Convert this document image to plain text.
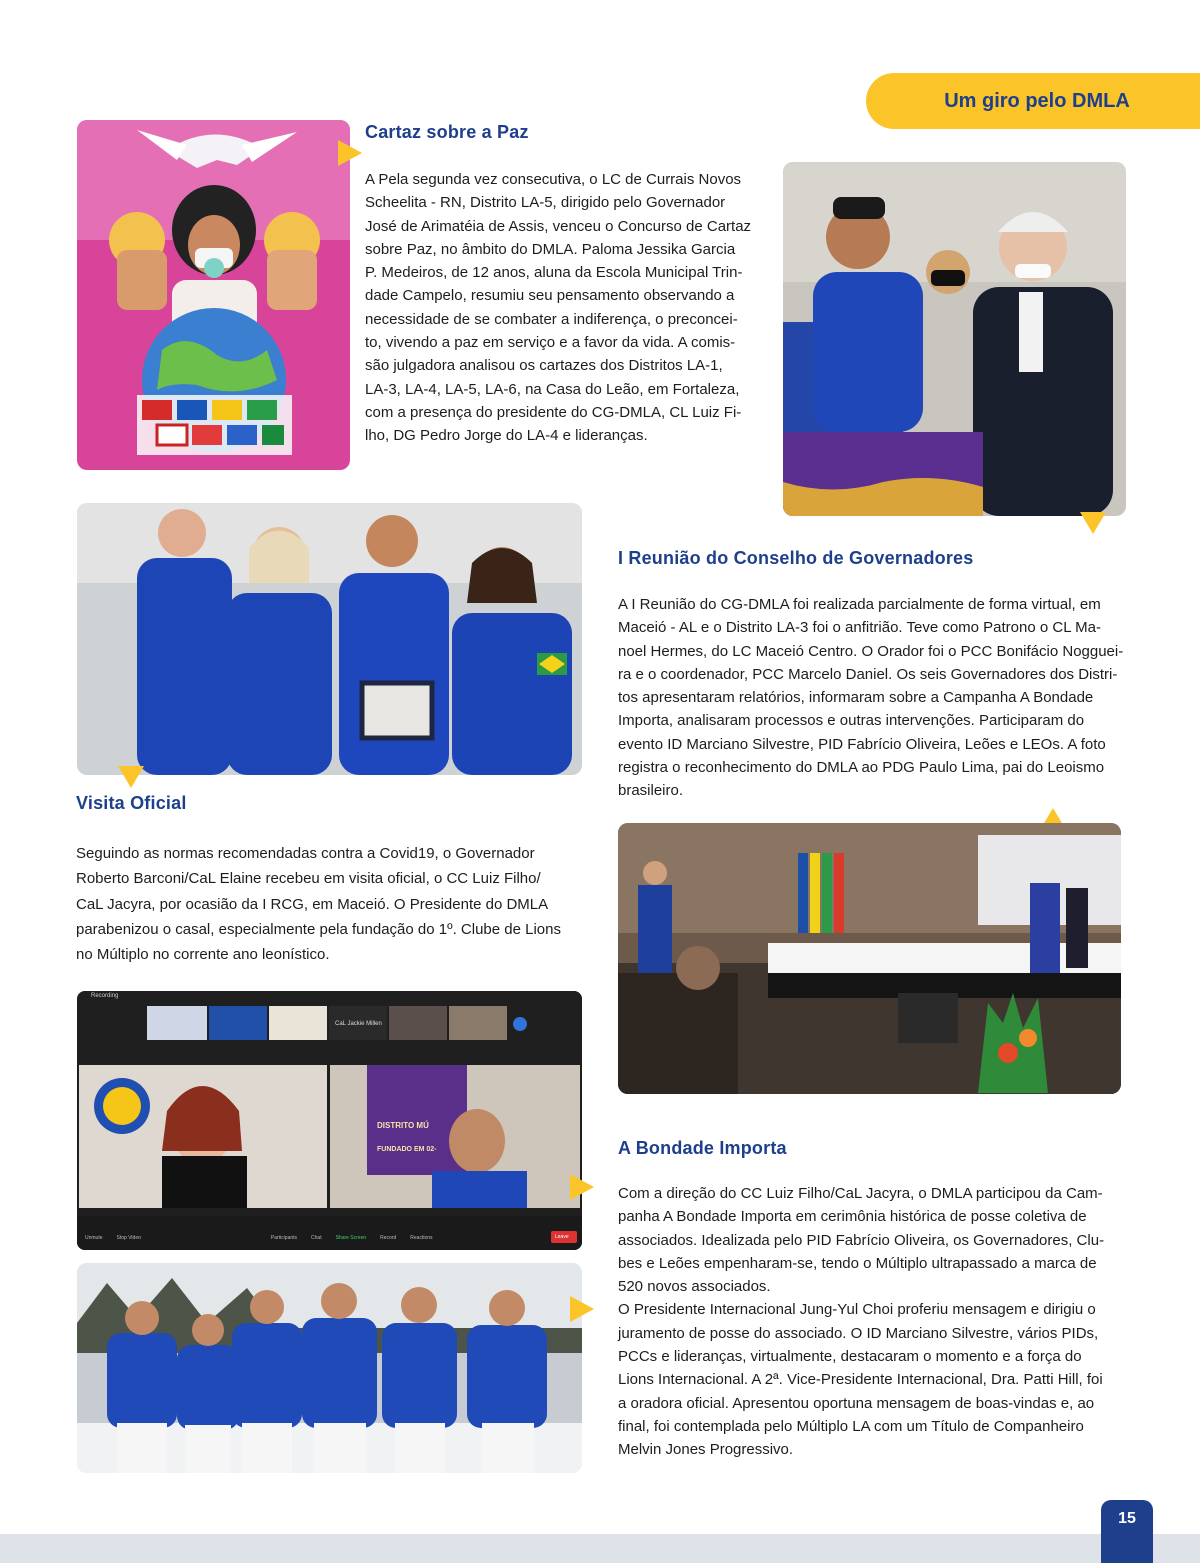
Um giro pelo DMLA
Cartaz sobre a Paz

A Pela segunda vez consecutiva, o LC de Currais Novos
Scheelita - RN, Distrito LA-5, dirigido pelo Governador
José de Arimatéia de Assis, venceu o Concurso de Cartaz
sobre Paz, no âmbito do DMLA. Paloma Jessika Garcia
P. Medeiros, de 12 anos, aluna da Escola Municipal Trin-
dade Campelo, resumiu seu pensamento observando a
necessidade de se combater a indiferença, o preconcei-
to, vivendo a paz em serviço e a favor da vida. A comis-
são julgadora analisou os cartazes dos Distritos LA-1,
LA-3, LA-4, LA-5, LA-6, na Casa do Leão, em Fortaleza,
com a presença do presidente do CG-DMLA, CL Luiz Fi-
lho, DG Pedro Jorge do LA-4 e lideranças.

I Reunião do Conselho de Governadores

A I Reunião do CG-DMLA foi realizada parcialmente de forma virtual, em
Maceió - AL e o Distrito LA-3 foi o anfitrião. Teve como Patrono o CL Ma-
noel Hermes, do LC Maceió Centro. O Orador foi o PCC Bonifácio Nogguei-
ra e o coordenador, PCC Marcelo Daniel. Os seis Governadores dos Distri-
tos apresentaram relatórios, informaram sobre a Campanha A Bondade
Importa, analisaram processos e outras intervenções. Participaram do
evento ID Marciano Silvestre, PID Fabrício Oliveira, Leões e LEOs. A foto
registra o reconhecimento do DMLA ao PDG Paulo Lima, pai do Leoismo
brasileiro.

Visita Oficial

Seguindo as normas recomendadas contra a Covid19, o Governador
Roberto Barconi/CaL Elaine recebeu em visita oficial, o CC Luiz Filho/
CaL Jacyra, por ocasião da I RCG, em Maceió. O Presidente do DMLA
parabenizou o casal, especialmente pela fundação do 1º. Clube de Lions
no Múltiplo no corrente ano leonístico.

Recording
CaL Jackie Millen
DISTRITO MÚ
FUNDADO EM 02-
Unmute	Stop Video	Participants	Chat	Share Screen	Record	Reactions	Leave
A Bondade Importa

Com a direção do CC Luiz Filho/CaL Jacyra, o DMLA participou da Cam-
panha A Bondade Importa em cerimônia histórica de posse coletiva de
associados. Idealizada pelo PID Fabrício Oliveira, os Governadores, Clu-
bes e Leões empenharam-se, tendo o Múltiplo ultrapassado a marca de
520 novos associados.
O Presidente Internacional Jung-Yul Choi proferiu mensagem e dirigiu o
juramento de posse do associado. O ID Marciano Silvestre, vários PIDs,
PCCs e lideranças, virtualmente, destacaram o momento e a força do
Lions Internacional. A 2ª. Vice-Presidente Internacional, Dra. Patti Hill, foi
a oradora oficial. Apresentou oportuna mensagem de boas-vindas e, ao
final, foi contemplada pelo Múltiplo LA com um Título de Companheiro
Melvin Jones Progressivo.

15
